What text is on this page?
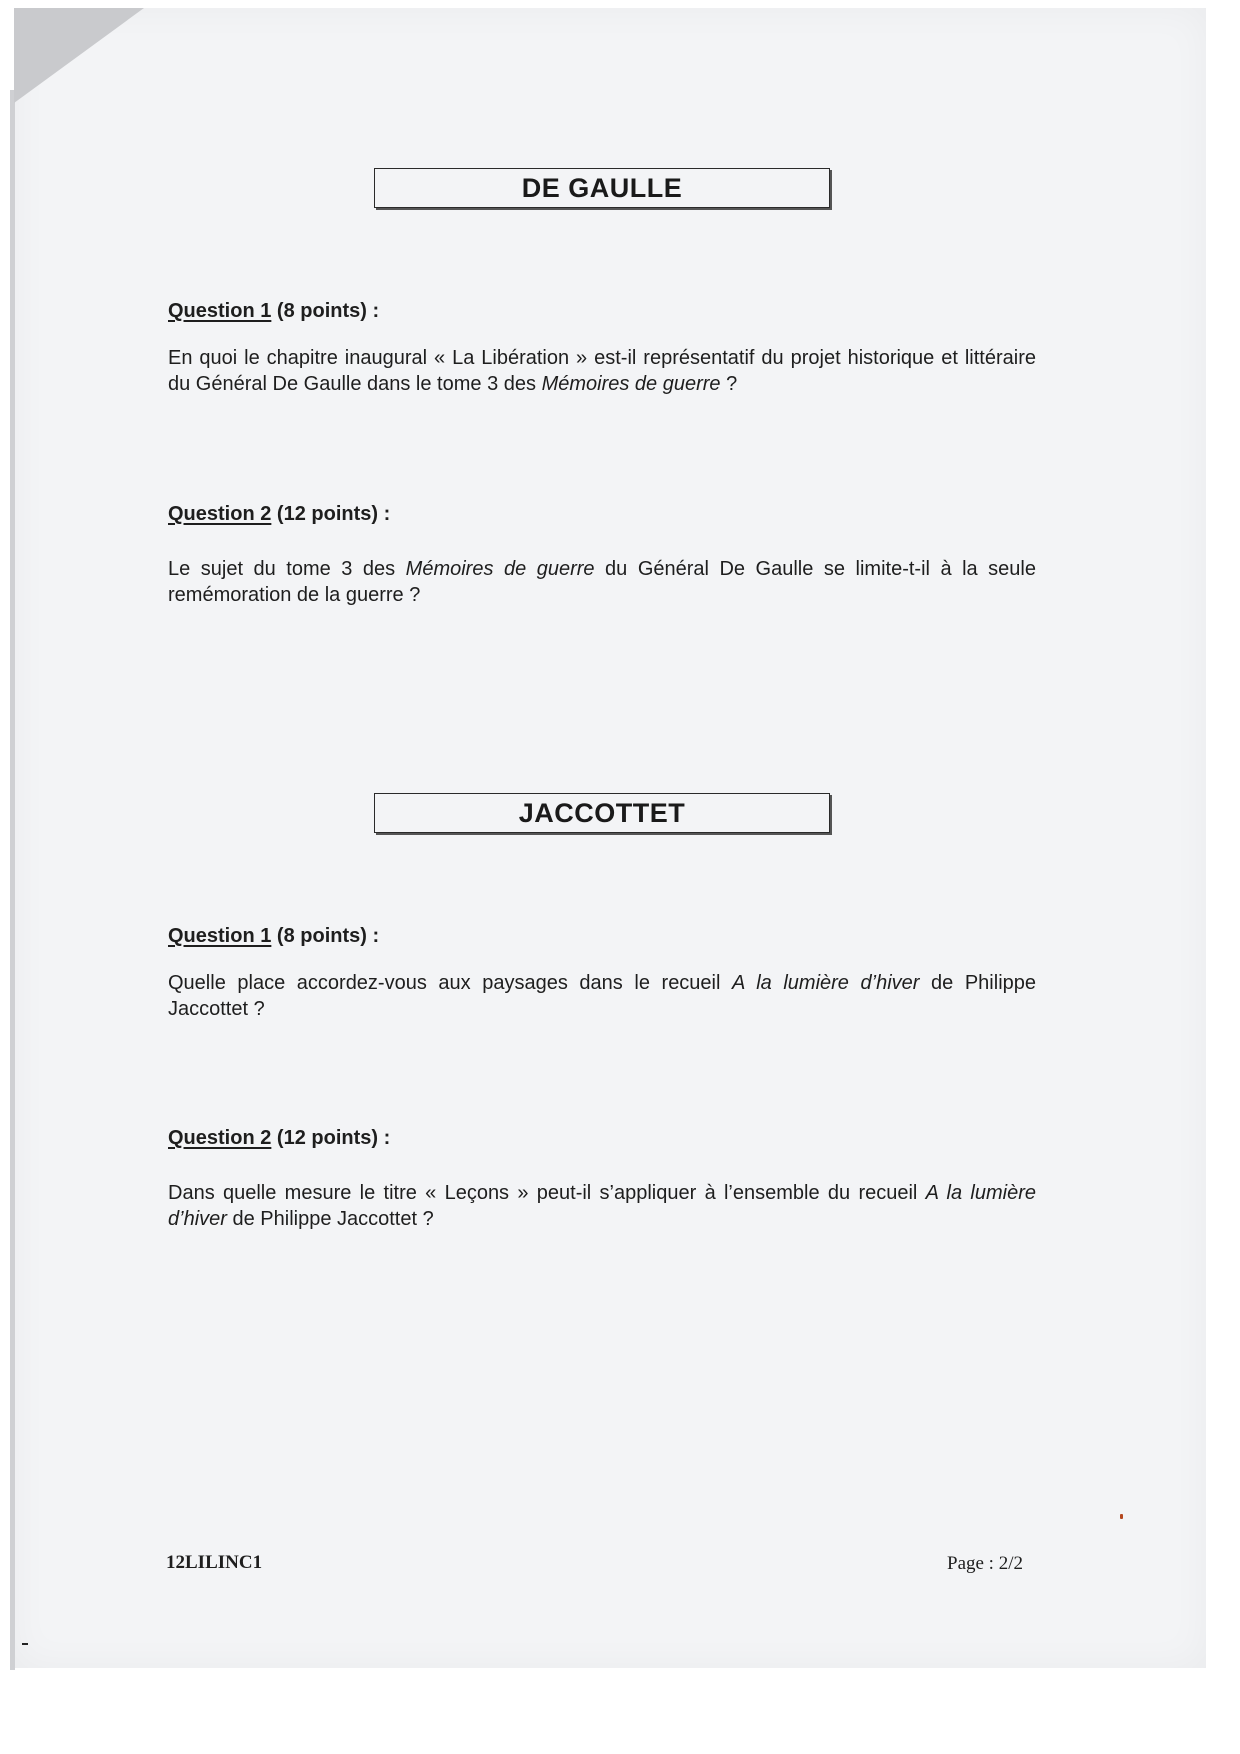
DE GAULLE
Question 1 (8 points) :
En quoi le chapitre inaugural « La Libération » est-il représentatif du projet historique et littéraire du Général De Gaulle dans le tome 3 des Mémoires de guerre ?
Question 2 (12 points) :
Le sujet du tome 3 des Mémoires de guerre du Général De Gaulle se limite-t-il à la seule remémoration de la guerre ?
JACCOTTET
Question 1 (8 points) :
Quelle place accordez-vous aux paysages dans le recueil A la lumière d’hiver de Philippe Jaccottet ?
Question 2 (12 points) :
Dans quelle mesure le titre « Leçons » peut-il s’appliquer à l’ensemble du recueil A la lumière d’hiver de Philippe Jaccottet ?
12LILINC1	Page : 2/2
